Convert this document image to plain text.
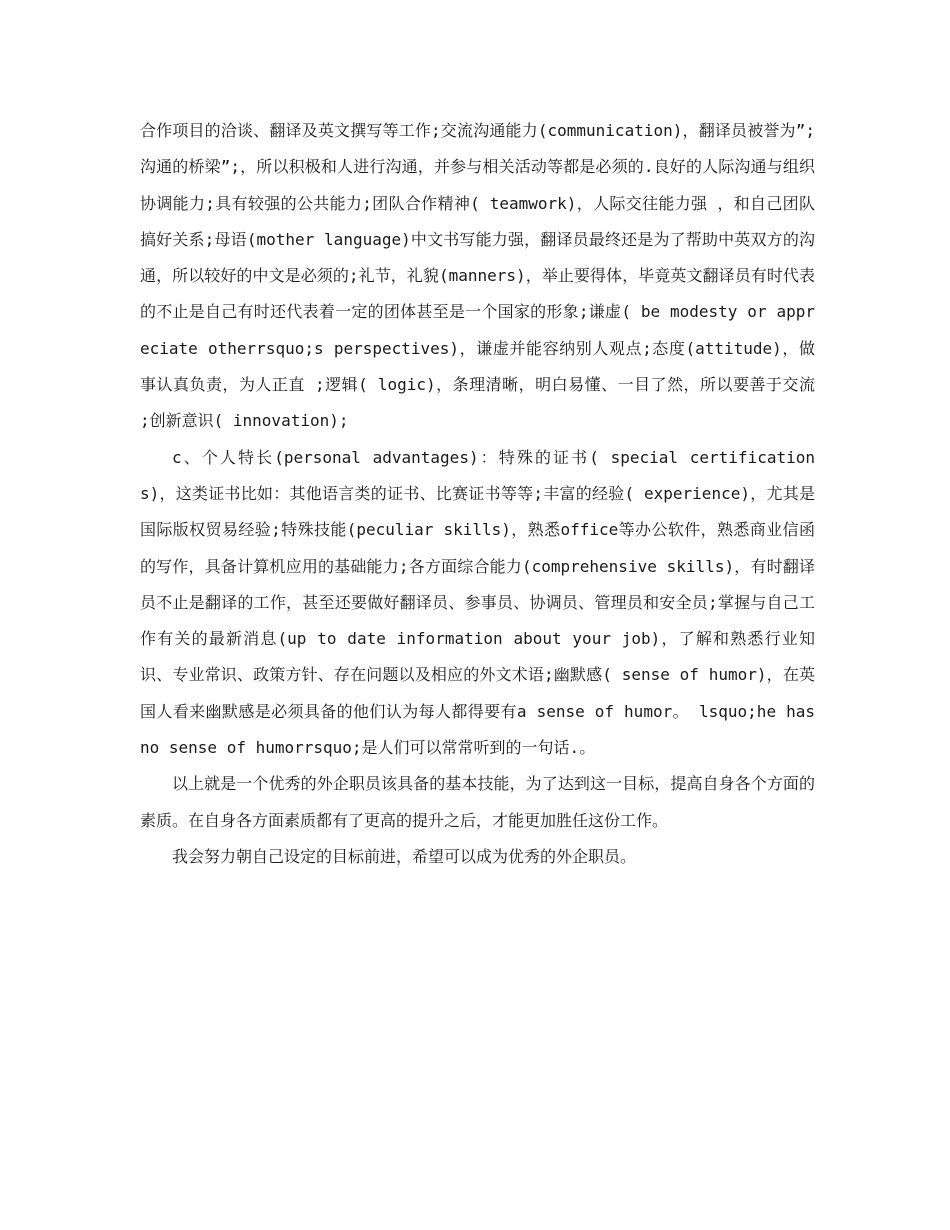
合作项目的洽谈、翻译及英文撰写等工作;交流沟通能力(communication)，翻译员被誉为”;沟通的桥梁”;，所以积极和人进行沟通，并参与相关活动等都是必须的.良好的人际沟通与组织协调能力;具有较强的公共能力;团队合作精神( teamwork)，人际交往能力强 ，和自己团队搞好关系;母语(mother language)中文书写能力强，翻译员最终还是为了帮助中英双方的沟通，所以较好的中文是必须的;礼节，礼貌(manners)，举止要得体，毕竟英文翻译员有时代表的不止是自己有时还代表着一定的团体甚至是一个国家的形象;谦虚( be modesty or appreciate otherrsquo;s perspectives)，谦虚并能容纳别人观点;态度(attitude)，做事认真负责，为人正直 ;逻辑( logic)，条理清晰，明白易懂、一目了然，所以要善于交流 ;创新意识( innovation);

c、个人特长(personal advantages)：特殊的证书( special certifications)，这类证书比如：其他语言类的证书、比赛证书等等;丰富的经验( experience)，尤其是国际版权贸易经验;特殊技能(peculiar skills)，熟悉office等办公软件，熟悉商业信函的写作，具备计算机应用的基础能力;各方面综合能力(comprehensive skills)，有时翻译员不止是翻译的工作，甚至还要做好翻译员、参事员、协调员、管理员和安全员;掌握与自己工作有关的最新消息(up to date information about your job)，了解和熟悉行业知识、专业常识、政策方针、存在问题以及相应的外文术语;幽默感( sense of humor)，在英国人看来幽默感是必须具备的他们认为每人都得要有a sense of humor。 lsquo;he has no sense of humorrsquo;是人们可以常常听到的一句话.。

以上就是一个优秀的外企职员该具备的基本技能，为了达到这一目标，提高自身各个方面的素质。在自身各方面素质都有了更高的提升之后，才能更加胜任这份工作。

我会努力朝自己设定的目标前进，希望可以成为优秀的外企职员。
